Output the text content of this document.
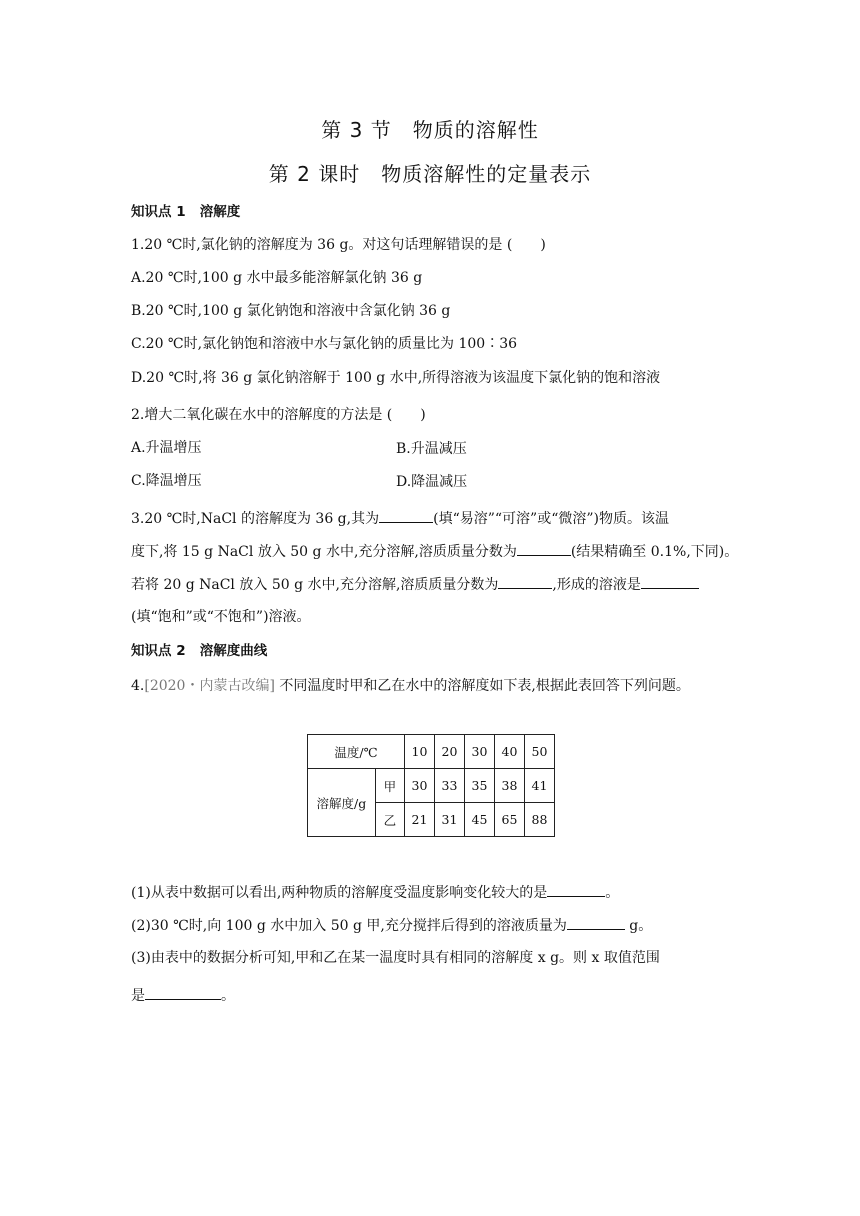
第 3 节　物质的溶解性
第 2 课时　物质溶解性的定量表示
知识点 1 溶解度
1.20 ℃时,氯化钠的溶解度为 36 g。对这句话理解错误的是 (　　)
A.20 ℃时,100 g 水中最多能溶解氯化钠 36 g
B.20 ℃时,100 g 氯化钠饱和溶液中含氯化钠 36 g
C.20 ℃时,氯化钠饱和溶液中水与氯化钠的质量比为 100∶36
D.20 ℃时,将 36 g 氯化钠溶解于 100 g 水中,所得溶液为该温度下氯化钠的饱和溶液
2.增大二氧化碳在水中的溶解度的方法是 (　　)
A.升温增压	B.升温减压
C.降温增压	D.降温减压
3.20 ℃时,NaCl 的溶解度为 36 g,其为	(填“易溶”“可溶”或“微溶”)物质。该温
度下,将 15 g NaCl 放入 50 g 水中,充分溶解,溶质质量分数为	(结果精确至 0.1%,下同)。
若将 20 g NaCl 放入 50 g 水中,充分溶解,溶质质量分数为	,形成的溶液是
(填“饱和”或“不饱和”)溶液。
知识点 2 溶解度曲线
4.[2020・内蒙古改编] 不同温度时甲和乙在水中的溶解度如下表,根据此表回答下列问题。
温度/℃		10	20	30	40	50
溶解度/g	甲	30	33	35	38	41
	乙	21	31	45	65	88
(1)从表中数据可以看出,两种物质的溶解度受温度影响变化较大的是	。
(2)30 ℃时,向 100 g 水中加入 50 g 甲,充分搅拌后得到的溶液质量为	g。
(3)由表中的数据分析可知,甲和乙在某一温度时具有相同的溶解度 x g。则 x 取值范围
是	。
